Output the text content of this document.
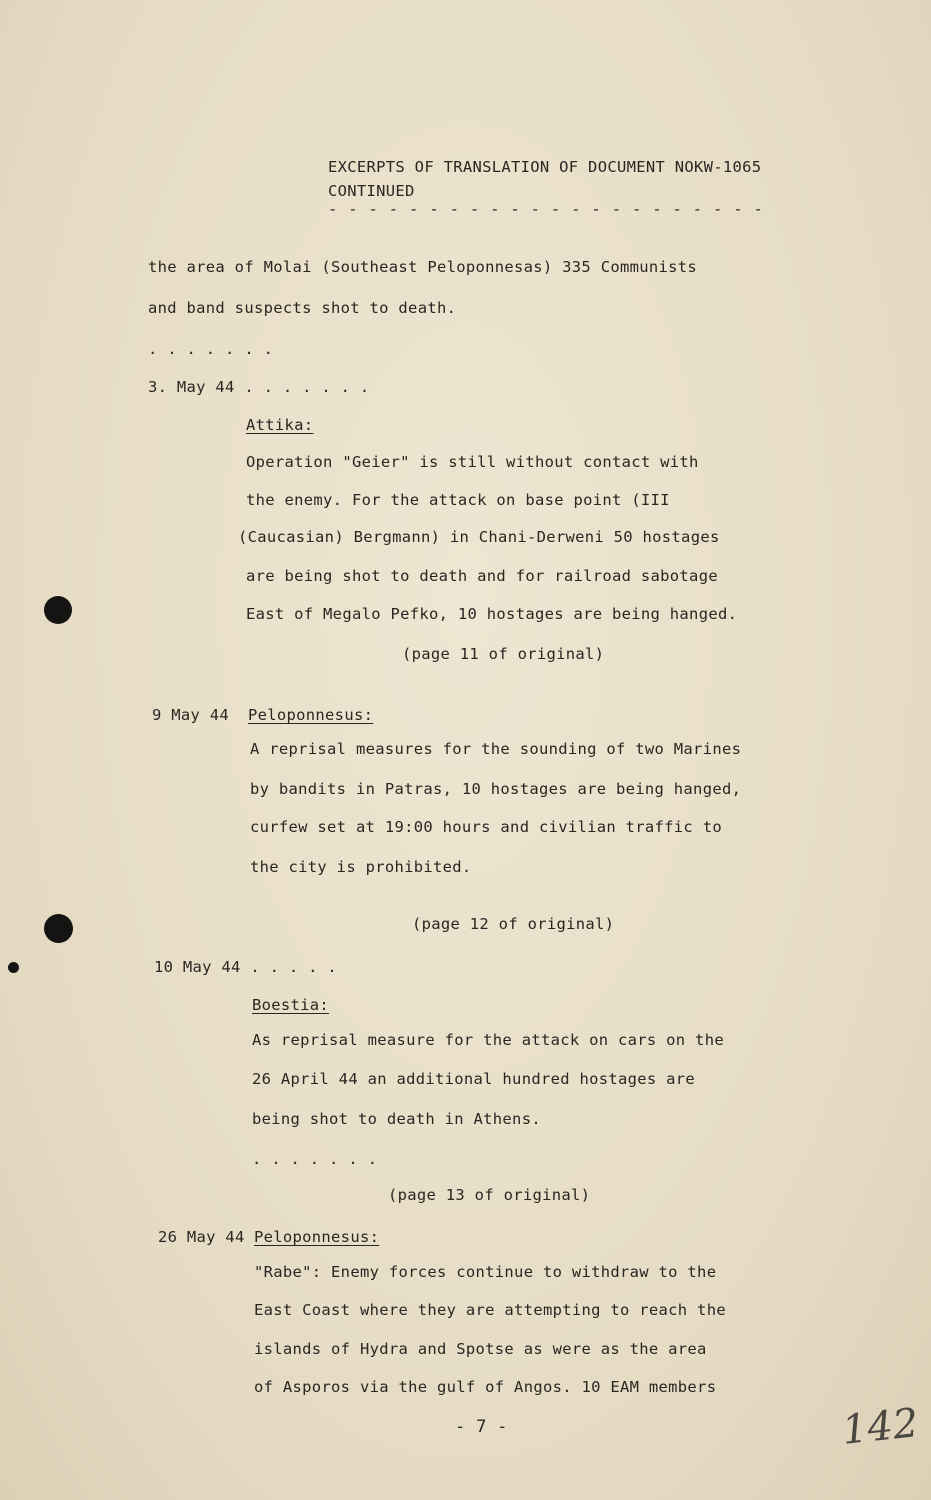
EXCERPTS OF TRANSLATION OF DOCUMENT NOKW-1065
CONTINUED
- - - - - - - - - - - - - - - - - - - - - -
the area of Molai (Southeast Peloponnesas) 335 Communists
and band suspects shot to death.
. . . . . . .
3. May 44 . . . . . . .
Attika:
Operation "Geier" is still without contact with
the enemy. For the attack on base point (III
(Caucasian) Bergmann) in Chani-Derweni 50 hostages
are being shot to death and for railroad sabotage
East of Megalo Pefko, 10 hostages are being hanged.
(page 11 of original)
9 May 44 Peloponnesus:
A reprisal measures for the sounding of two Marines
by bandits in Patras, 10 hostages are being hanged,
curfew set at 19:00 hours and civilian traffic to
the city is prohibited.
(page 12 of original)
10 May 44 . . . . .
Boestia:
As reprisal measure for the attack on cars on the
26 April 44 an additional hundred hostages are
being shot to death in Athens.
. . . . . . .
(page 13 of original)
26 May 44 Peloponnesus:
"Rabe": Enemy forces continue to withdraw to the
East Coast where they are attempting to reach the
islands of Hydra and Spotse as were as the area
of Asporos via the gulf of Angos. 10 EAM members
- 7 -	142
